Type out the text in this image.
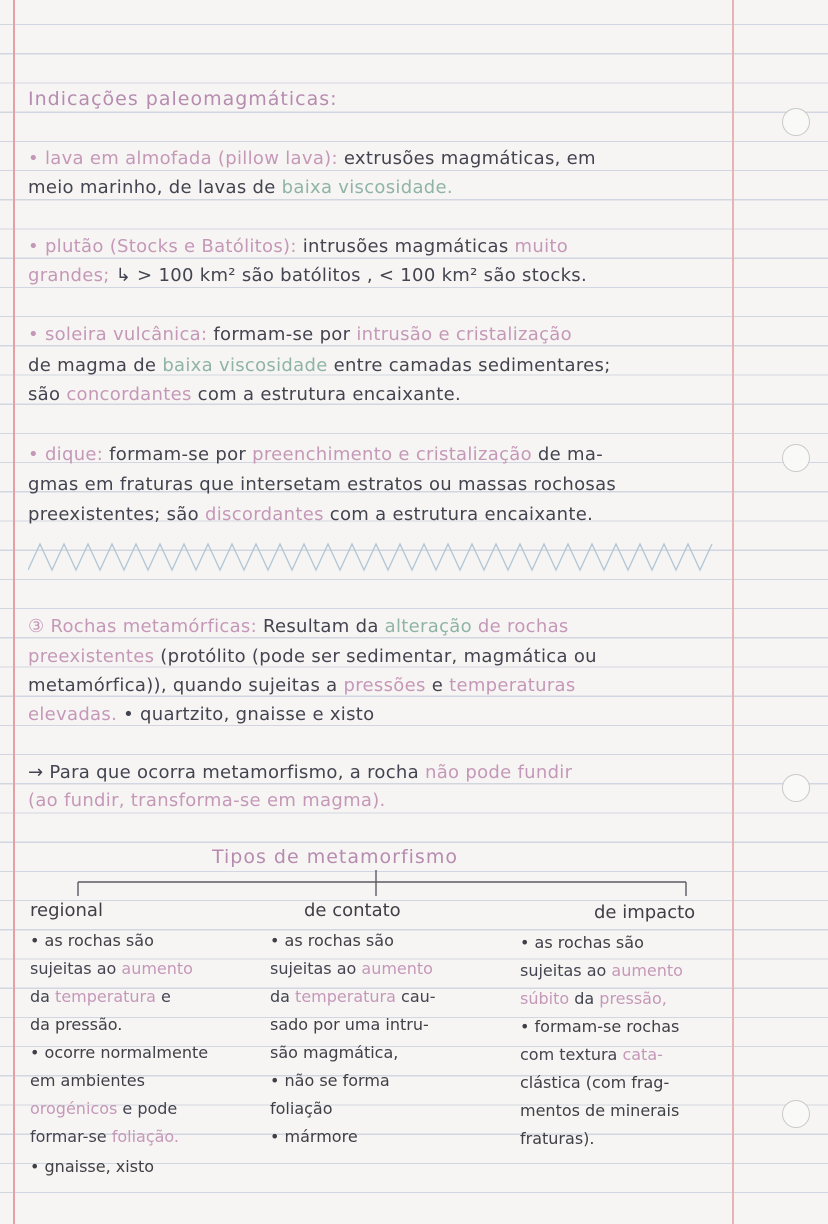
Indicações paleomagmáticas:
• lava em almofada (pillow lava): extrusões magmáticas, em
meio marinho, de lavas de baixa viscosidade.
• plutão (Stocks e Batólitos): intrusões magmáticas muito
grandes; ↳ > 100 km² são batólitos , < 100 km² são stocks.
• soleira vulcânica: formam-se por intrusão e cristalização
de magma de baixa viscosidade entre camadas sedimentares;
são concordantes com a estrutura encaixante.
• dique: formam-se por preenchimento e cristalização de ma-
gmas em fraturas que intersetam estratos ou massas rochosas
preexistentes; são discordantes com a estrutura encaixante.
③ Rochas metamórficas: Resultam da alteração de rochas
preexistentes (protólito (pode ser sedimentar, magmática ou
metamórfica)), quando sujeitas a pressões e temperaturas
elevadas. • quartzito, gnaisse e xisto
→ Para que ocorra metamorfismo, a rocha não pode fundir
(ao fundir, transforma-se em magma).
Tipos de metamorfismo
regional
• as rochas são
sujeitas ao aumento
da temperatura e
da pressão.
• ocorre normalmente
em ambientes
orogénicos e pode
formar-se foliação.
• gnaisse, xisto
de contato
• as rochas são
sujeitas ao aumento
da temperatura cau-
sado por uma intru-
são magmática,
• não se forma
foliação
• mármore
de impacto
• as rochas são
sujeitas ao aumento
súbito da pressão,
• formam-se rochas
com textura cata-
clástica (com frag-
mentos de minerais
fraturas).
